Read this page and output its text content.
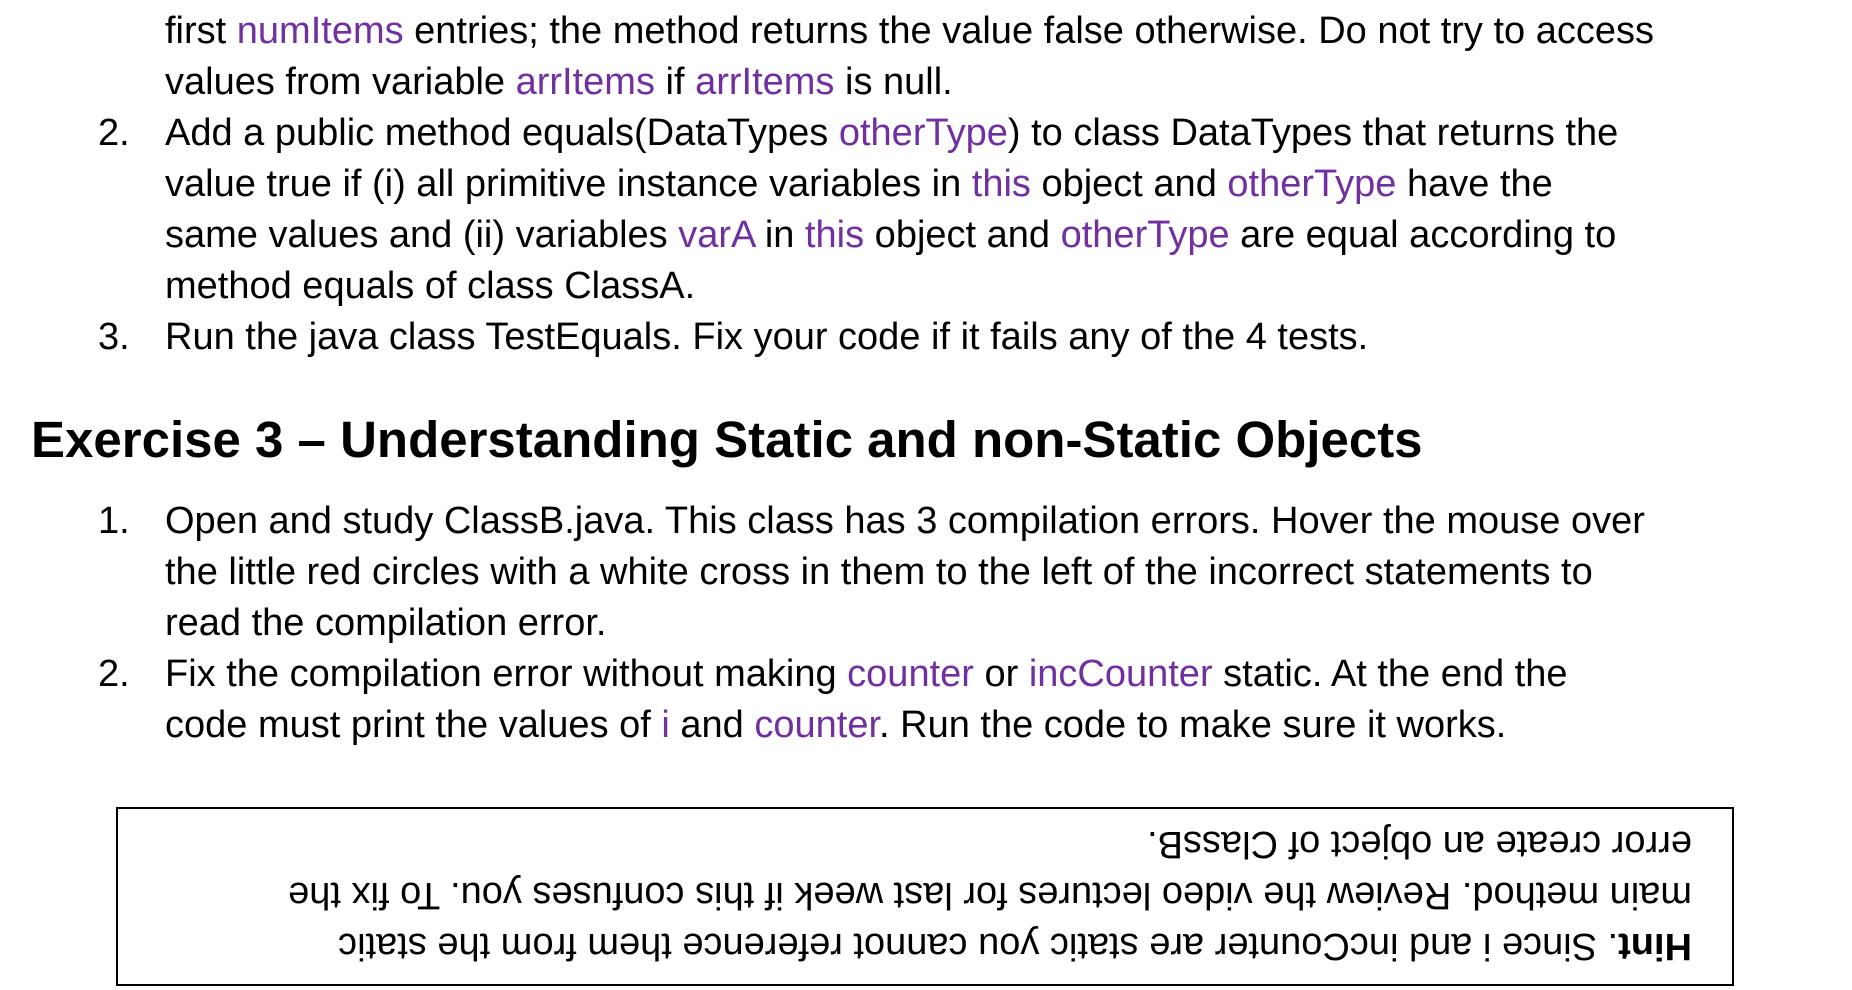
first numItems entries; the method returns the value false otherwise. Do not try to access
values from variable arrItems if arrItems is null.
2. Add a public method equals(DataTypes otherType) to class DataTypes that returns the
value true if (i) all primitive instance variables in this object and otherType have the
same values and (ii) variables varA in this object and otherType are equal according to
method equals of class ClassA.
3. Run the java class TestEquals. Fix your code if it fails any of the 4 tests.
Exercise 3 – Understanding Static and non-Static Objects
1. Open and study ClassB.java. This class has 3 compilation errors. Hover the mouse over
the little red circles with a white cross in them to the left of the incorrect statements to
read the compilation error.
2. Fix the compilation error without making counter or incCounter static. At the end the
code must print the values of i and counter. Run the code to make sure it works.
Hint. Since i and incCounter are static you cannot reference them from the static
main method. Review the video lectures for last week if this confuses you. To fix the
error create an object of ClassB.
